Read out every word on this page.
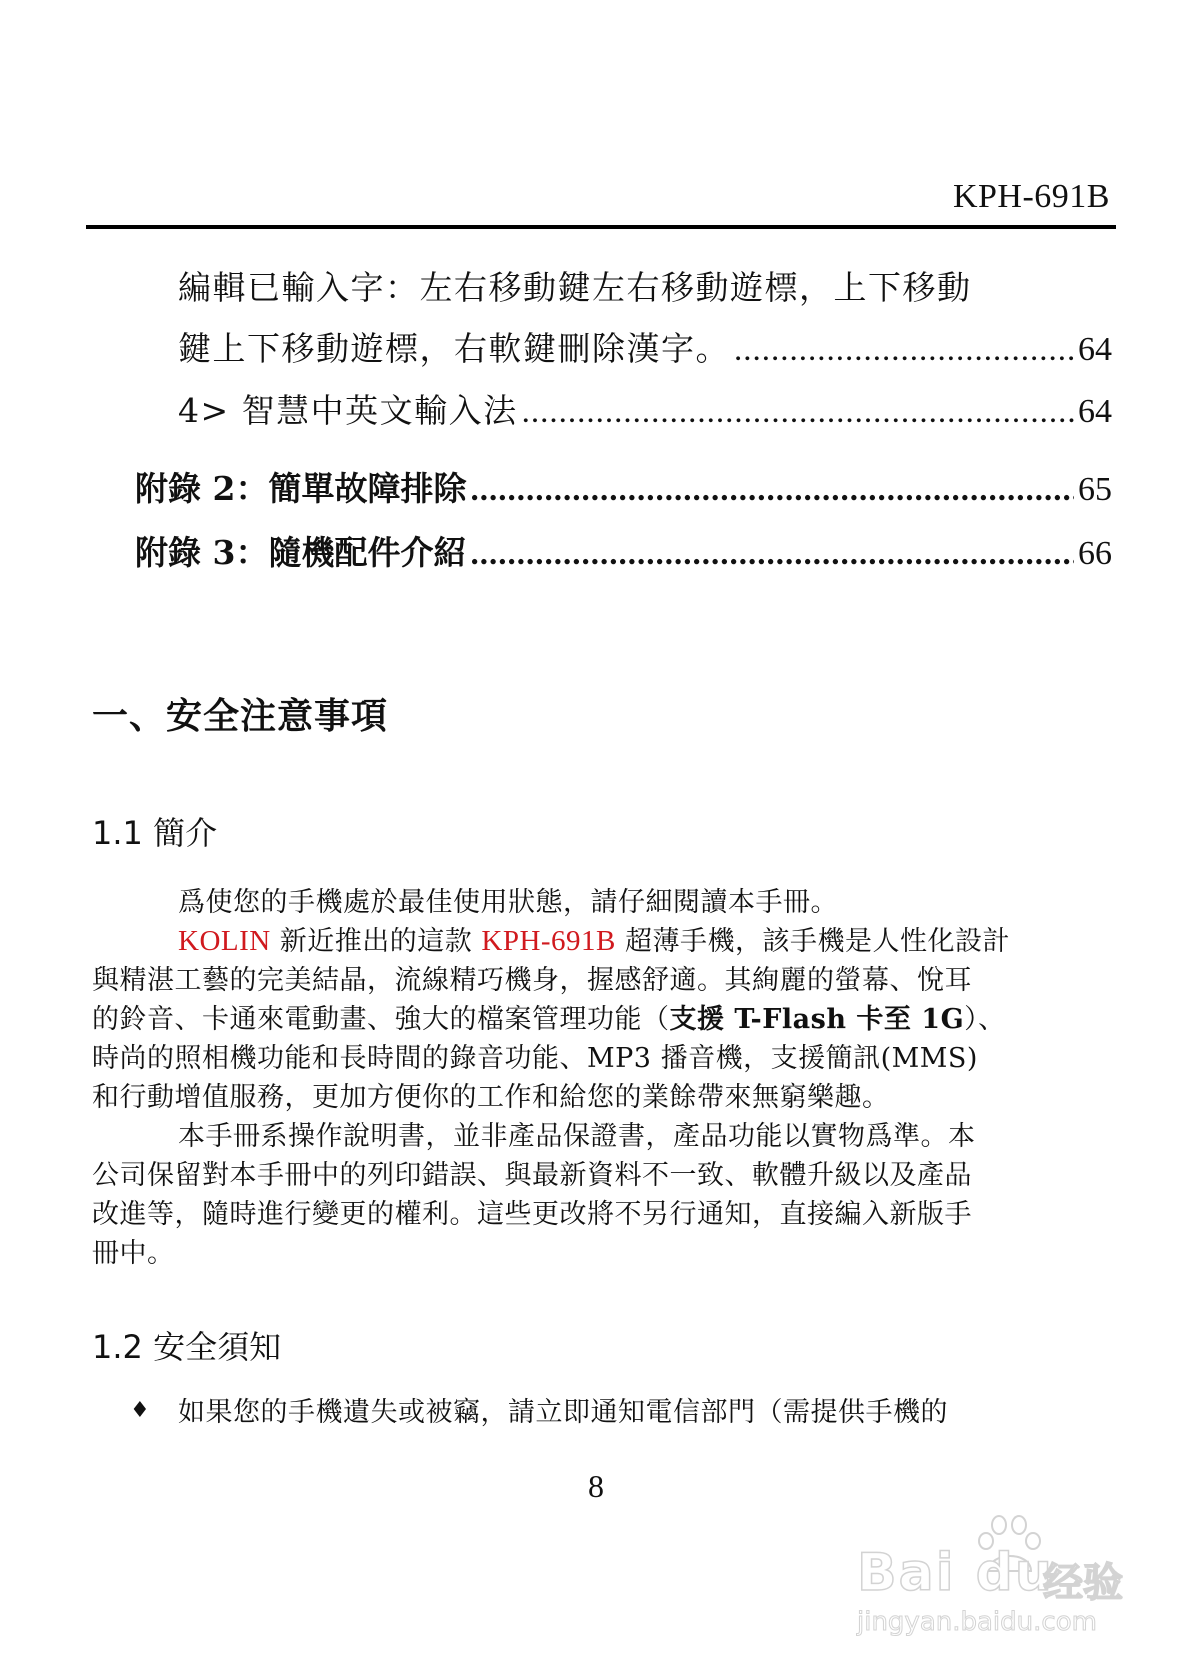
KPH-691B
編輯已輸入字：左右移動鍵左右移動遊標，上下移動
鍵上下移動遊標，右軟鍵刪除漢字。 .....	64
4> 智慧中英文輸入法 .....	64
附錄 2：簡單故障排除 .....	65
附錄 3：隨機配件介紹 .....	66
一、安全注意事項
1.1 簡介
爲使您的手機處於最佳使用狀態，請仔細閱讀本手冊。
KOLIN 新近推出的這款 KPH-691B 超薄手機，該手機是人性化設計
與精湛工藝的完美結晶，流線精巧機身，握感舒適。其絢麗的螢幕、悅耳
的鈴音、卡通來電動畫、強大的檔案管理功能（支援 T-Flash 卡至 1G）、
時尚的照相機功能和長時間的錄音功能、MP3 播音機，支援簡訊(MMS)
和行動增值服務，更加方便你的工作和給您的業餘帶來無窮樂趣。
本手冊系操作說明書，並非產品保證書，產品功能以實物爲準。本
公司保留對本手冊中的列印錯誤、與最新資料不一致、軟體升級以及產品
改進等，隨時進行變更的權利。這些更改將不另行通知，直接編入新版手
冊中。
1.2 安全須知
♦ 如果您的手機遺失或被竊，請立即通知電信部門（需提供手機的
8
Bai du
经验
jingyan.baidu.com
